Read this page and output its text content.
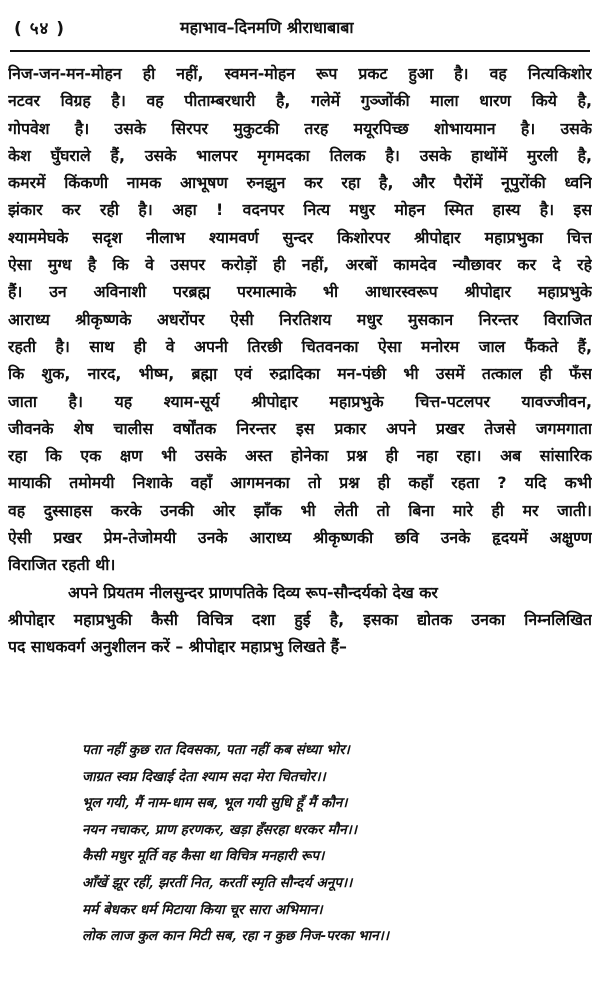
( ५४ )	महाभाव–दिनमणि श्रीराधाबाबा
निज-जन-मन-मोहन ही नहीं, स्वमन-मोहन रूप प्रकट हुआ है। वह नित्यकिशोर
नटवर विग्रह है। वह पीताम्बरधारी है, गलेमें गुञ्जोंकी माला धारण किये है,
गोपवेश है। उसके सिरपर मुकुटकी तरह मयूरपिच्छ शोभायमान है। उसके
केश घुँघराले हैं, उसके भालपर मृगमदका तिलक है। उसके हाथोंमें मुरली है,
कमरमें किंकणी नामक आभूषण रुनझुन कर रहा है, और पैरोंमें नूपुरोंकी ध्वनि
झंकार कर रही है। अहा ! वदनपर नित्य मधुर मोहन स्मित हास्य है। इस
श्याममेघके सदृश नीलाभ श्यामवर्ण सुन्दर किशोरपर श्रीपोद्दार महाप्रभुका चित्त
ऐसा मुग्ध है कि वे उसपर करोड़ों ही नहीं, अरबों कामदेव न्यौछावर कर दे रहे
हैं। उन अविनाशी परब्रह्म परमात्माके भी आधारस्वरूप श्रीपोद्दार महाप्रभुके
आराध्य श्रीकृष्णके अधरोंपर ऐसी निरतिशय मधुर मुसकान निरन्तर विराजित
रहती है। साथ ही वे अपनी तिरछी चितवनका ऐसा मनोरम जाल फैंकते हैं,
कि शुक, नारद, भीष्म, ब्रह्मा एवं रुद्रादिका मन-पंछी भी उसमें तत्काल ही फँस
जाता है। यह श्याम-सूर्य श्रीपोद्दार महाप्रभुके चित्त-पटलपर यावज्जीवन,
जीवनके शेष चालीस वर्षोंतक निरन्तर इस प्रकार अपने प्रखर तेजसे जगमगाता
रहा कि एक क्षण भी उसके अस्त होनेका प्रश्न ही नहा रहा। अब सांसारिक
मायाकी तमोमयी निशाके वहाँ आगमनका तो प्रश्न ही कहाँ रहता ? यदि कभी
वह दुस्साहस करके उनकी ओर झाँक भी लेती तो बिना मारे ही मर जाती।
ऐसी प्रखर प्रेम-तेजोमयी उनके आराध्य श्रीकृष्णकी छवि उनके हृदयमें अक्षुण्ण
विराजित रहती थी।
अपने प्रियतम नीलसुन्दर प्राणपतिके दिव्य रूप-सौन्दर्यको देख कर
श्रीपोद्दार महाप्रभुकी कैसी विचित्र दशा हुई है, इसका द्योतक उनका निम्नलिखित
पद साधकवर्ग अनुशीलन करें – श्रीपोद्दार महाप्रभु लिखते हैं–
पता नहीं कुछ रात दिवसका, पता नहीं कब संध्या भोर।
जाग्रत स्वप्न दिखाई देता श्याम सदा मेरा चितचोर।।
भूल गयी, मैं नाम-धाम सब, भूल गयी सुधि हूँ मैं कौन।
नयन नचाकर, प्राण हरणकर, खड़ा हँसरहा धरकर मौन।।
कैसी मधुर मूर्ति वह कैसा था विचित्र मनहारी रूप।
आँखें झूर रहीं, झरतीं नित, करतीं स्मृति सौन्दर्य अनूप।।
मर्म बेधकर धर्म मिटाया किया चूर सारा अभिमान।
लोक लाज कुल कान मिटी सब, रहा न कुछ निज-परका भान।।
